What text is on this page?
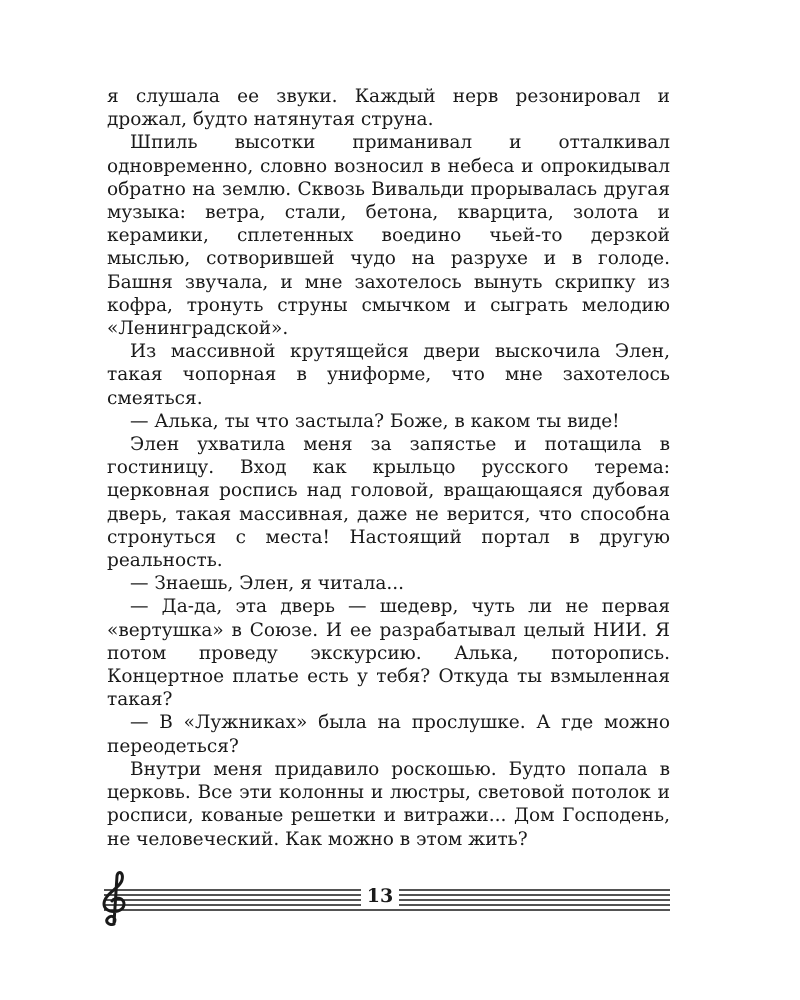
я слушала ее звуки. Каждый нерв резонировал и дрожал, будто натянутая струна.

Шпиль высотки приманивал и отталкивал одновременно, словно возносил в небеса и опрокидывал обратно на землю. Сквозь Вивальди прорывалась другая музыка: ветра, стали, бетона, кварцита, золота и керамики, сплетенных воедино чьей-то дерзкой мыслью, сотворившей чудо на разрухе и в голоде. Башня звучала, и мне захотелось вынуть скрипку из кофра, тронуть струны смычком и сыграть мелодию «Ленинградской».

Из массивной крутящейся двери выскочила Элен, такая чопорная в униформе, что мне захотелось смеяться.

— Алька, ты что застыла? Боже, в каком ты виде!

Элен ухватила меня за запястье и потащила в гостиницу. Вход как крыльцо русского терема: церковная роспись над головой, вращающаяся дубовая дверь, такая массивная, даже не верится, что способна стронуться с места! Настоящий портал в другую реальность.

— Знаешь, Элен, я читала...

— Да-да, эта дверь — шедевр, чуть ли не первая «вертушка» в Союзе. И ее разрабатывал целый НИИ. Я потом проведу экскурсию. Алька, поторопись. Концертное платье есть у тебя? Откуда ты взмыленная такая?

— В «Лужниках» была на прослушке. А где можно переодеться?

Внутри меня придавило роскошью. Будто попала в церковь. Все эти колонны и люстры, световой потолок и росписи, кованые решетки и витражи... Дом Господень, не человеческий. Как можно в этом жить?

13
